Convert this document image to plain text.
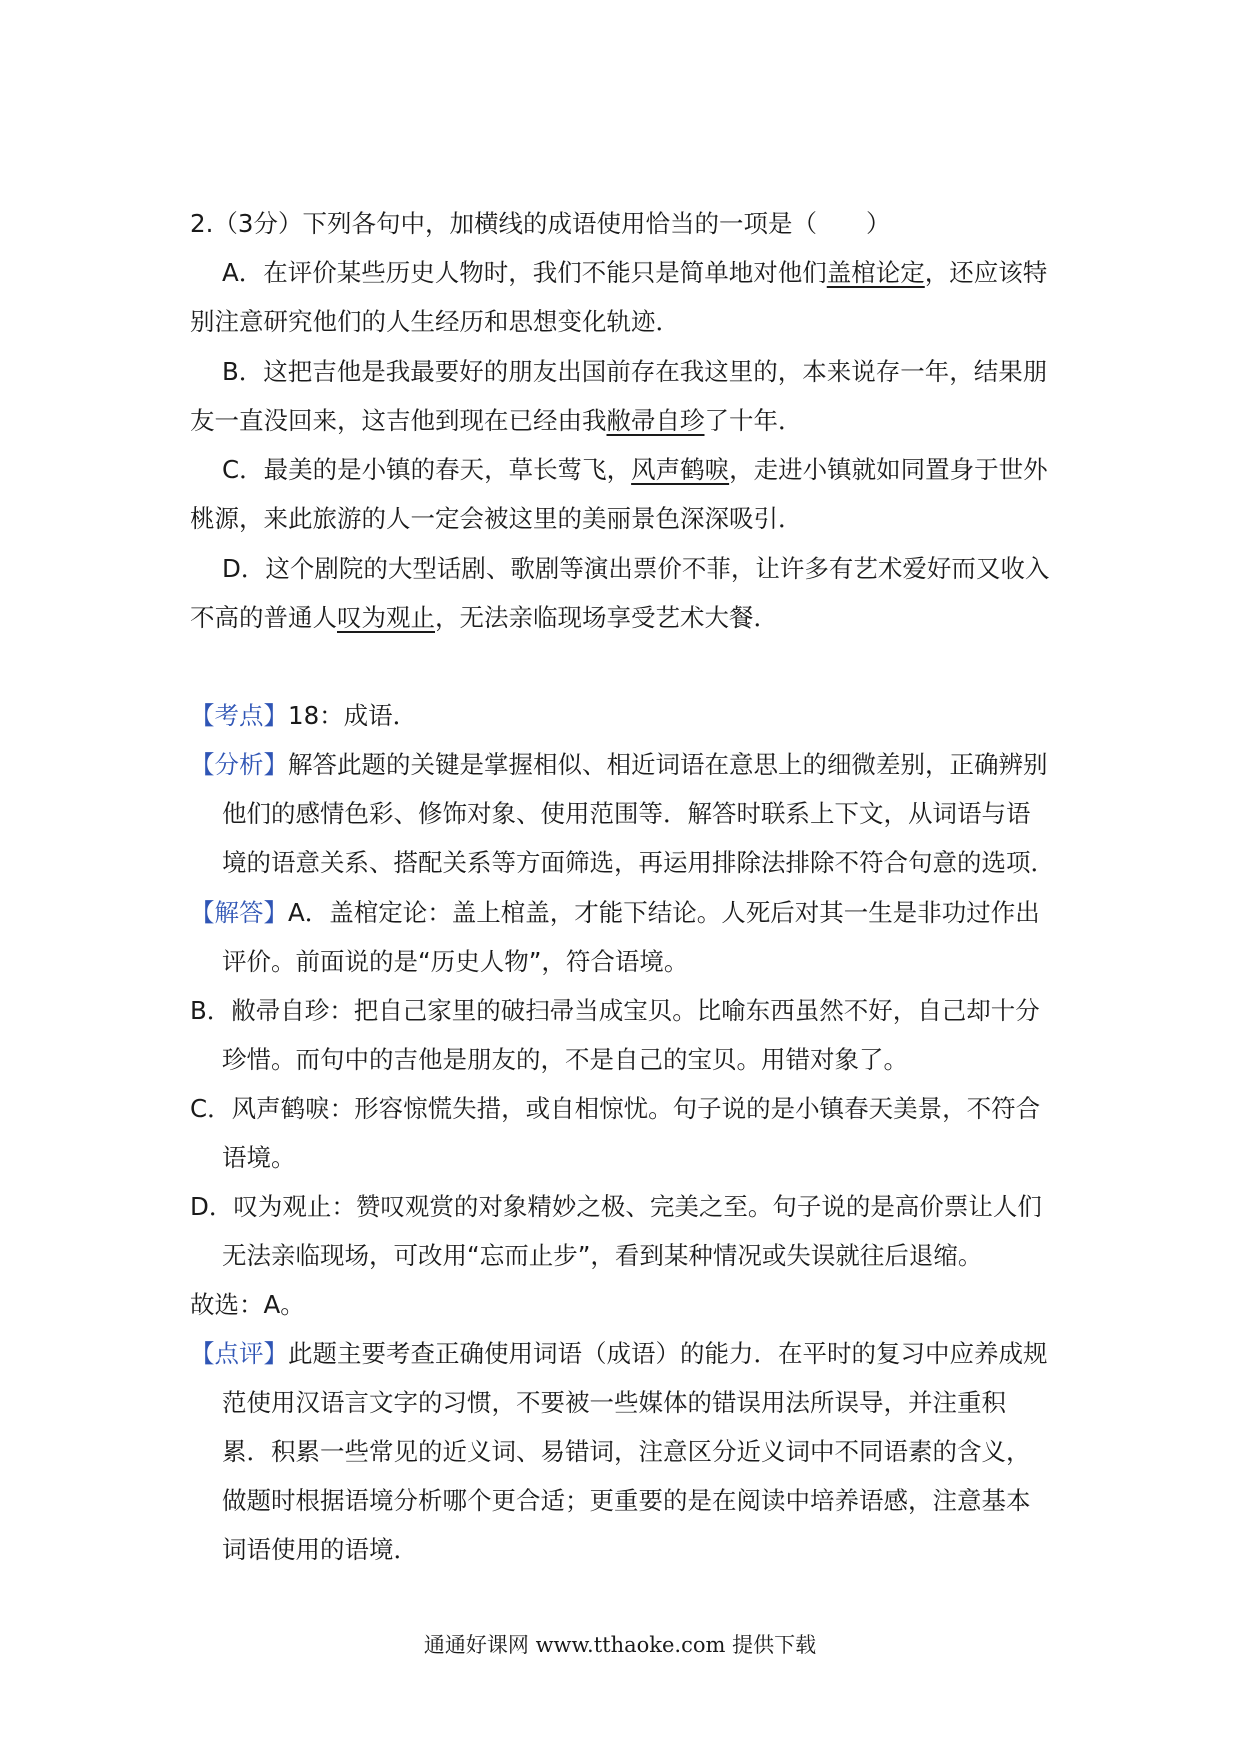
2.（3分）下列各句中，加横线的成语使用恰当的一项是（　　）
A．在评价某些历史人物时，我们不能只是简单地对他们盖棺论定，还应该特
别注意研究他们的人生经历和思想变化轨迹．
B．这把吉他是我最要好的朋友出国前存在我这里的，本来说存一年，结果朋
友一直没回来，这吉他到现在已经由我敝帚自珍了十年．
C．最美的是小镇的春天，草长莺飞，风声鹤唳，走进小镇就如同置身于世外
桃源，来此旅游的人一定会被这里的美丽景色深深吸引．
D．这个剧院的大型话剧、歌剧等演出票价不菲，让许多有艺术爱好而又收入
不高的普通人叹为观止，无法亲临现场享受艺术大餐．
【考点】18：成语．
【分析】解答此题的关键是掌握相似、相近词语在意思上的细微差别，正确辨别
他们的感情色彩、修饰对象、使用范围等．解答时联系上下文，从词语与语
境的语意关系、搭配关系等方面筛选，再运用排除法排除不符合句意的选项．
【解答】A．盖棺定论：盖上棺盖，才能下结论。人死后对其一生是非功过作出
评价。前面说的是“历史人物”，符合语境。
B．敝帚自珍：把自己家里的破扫帚当成宝贝。比喻东西虽然不好，自己却十分
珍惜。而句中的吉他是朋友的，不是自己的宝贝。用错对象了。
C．风声鹤唳：形容惊慌失措，或自相惊忧。句子说的是小镇春天美景，不符合
语境。
D．叹为观止：赞叹观赏的对象精妙之极、完美之至。句子说的是高价票让人们
无法亲临现场，可改用“忘而止步”，看到某种情况或失误就往后退缩。
故选：A。
【点评】此题主要考查正确使用词语（成语）的能力．在平时的复习中应养成规
范使用汉语言文字的习惯，不要被一些媒体的错误用法所误导，并注重积
累．积累一些常见的近义词、易错词，注意区分近义词中不同语素的含义，
做题时根据语境分析哪个更合适；更重要的是在阅读中培养语感，注意基本
词语使用的语境．
通通好课网 www.tthaoke.com 提供下载
